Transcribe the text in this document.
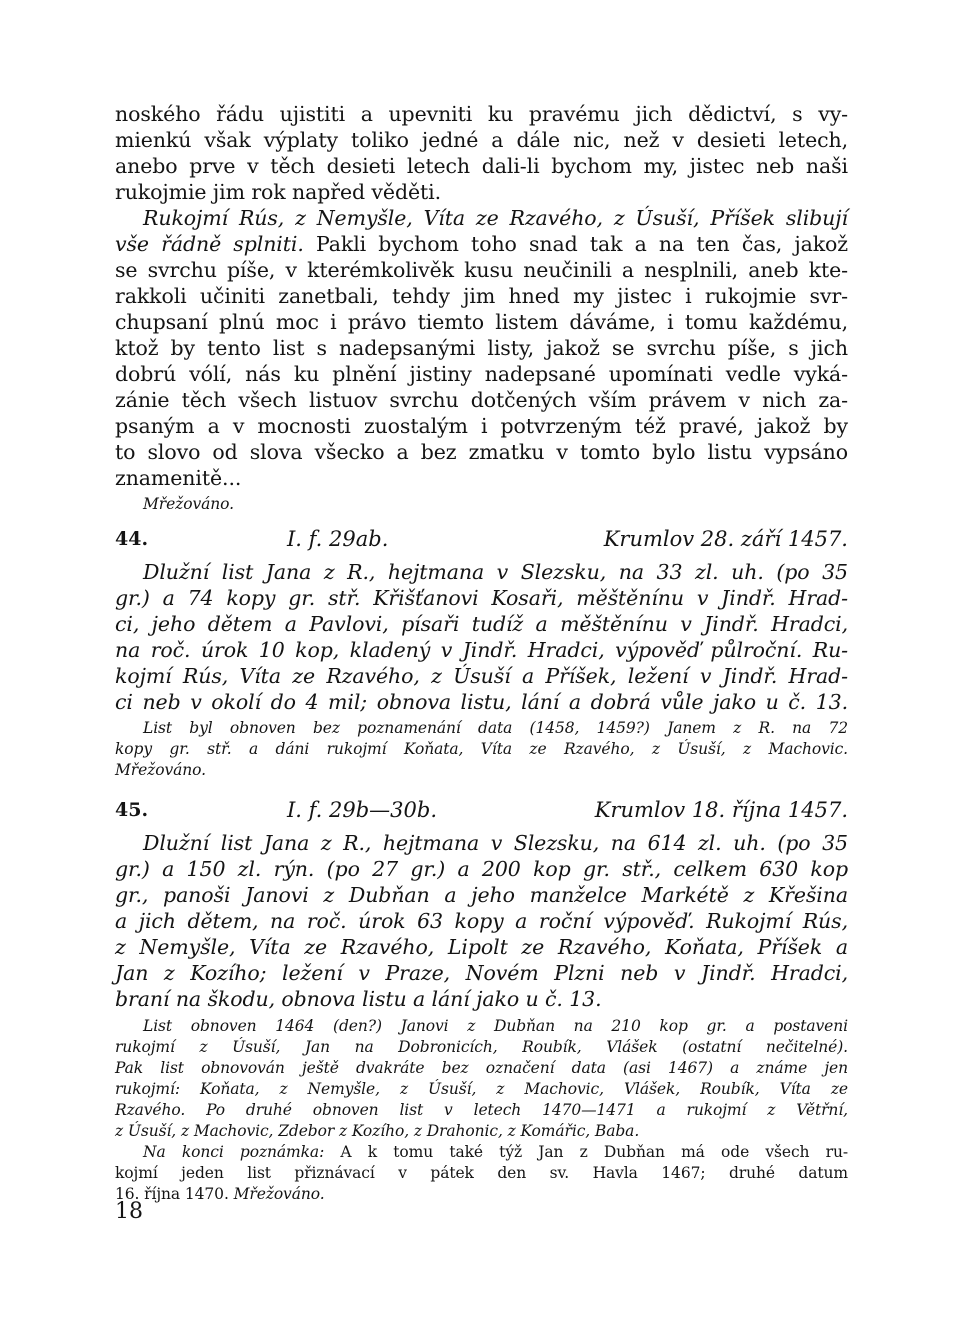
noského řádu ujistiti a upevniti ku pravému jich dědictví, s vy-
mienkú však výplaty toliko jedné a dále nic, než v desieti letech,
anebo prve v těch desieti letech dali-li bychom my, jistec neb naši
rukojmie jim rok napřed věděti.
Rukojmí Rús, z Nemyšle, Víta ze Rzavého, z Úsuší, Příšek slibují
vše řádně splniti. Pakli bychom toho snad tak a na ten čas, jakož
se svrchu píše, v kterémkolivěk kusu neučinili a nesplnili, aneb kte-
rakkoli učiniti zanetbali, tehdy jim hned my jistec i rukojmie svr-
chupsaní plnú moc i právo tiemto listem dáváme, i tomu každému,
ktož by tento list s nadepsanými listy, jakož se svrchu píše, s jich
dobrú vólí, nás ku plnění jistiny nadepsané upomínati vedle vyká-
zánie těch všech listuov svrchu dotčených vším právem v nich za-
psaným a v mocnosti zuostalým i potvrzeným též pravé, jakož by
to slovo od slova všecko a bez zmatku v tomto bylo listu vypsáno
znamenitě...
Mřežováno.
44.	I. f. 29ab.	Krumlov 28. září 1457.
Dlužní list Jana z R., hejtmana v Slezsku, na 33 zl. uh. (po 35
gr.) a 74 kopy gr. stř. Křišťanovi Kosaři, měštěnínu v Jindř. Hrad-
ci, jeho dětem a Pavlovi, písaři tudíž a měštěnínu v Jindř. Hradci,
na roč. úrok 10 kop, kladený v Jindř. Hradci, výpověď půlroční. Ru-
kojmí Rús, Víta ze Rzavého, z Úsuší a Příšek, ležení v Jindř. Hrad-
ci neb v okolí do 4 mil; obnova listu, lání a dobrá vůle jako u č. 13.
List byl obnoven bez poznamenání data (1458, 1459?) Janem z R. na 72
kopy gr. stř. a dáni rukojmí Koňata, Víta ze Rzavého, z Úsuší, z Machovic.
Mřežováno.
45.	I. f. 29b—30b.	Krumlov 18. října 1457.
Dlužní list Jana z R., hejtmana v Slezsku, na 614 zl. uh. (po 35
gr.) a 150 zl. rýn. (po 27 gr.) a 200 kop gr. stř., celkem 630 kop
gr., panoši Janovi z Dubňan a jeho manželce Markétě z Křešina
a jich dětem, na roč. úrok 63 kopy a roční výpověď. Rukojmí Rús,
z Nemyšle, Víta ze Rzavého, Lipolt ze Rzavého, Koňata, Příšek a
Jan z Kozího; ležení v Praze, Novém Plzni neb v Jindř. Hradci,
braní na škodu, obnova listu a lání jako u č. 13.
List obnoven 1464 (den?) Janovi z Dubňan na 210 kop gr. a postaveni
rukojmí z Úsuší, Jan na Dobronicích, Roubík, Vlášek (ostatní nečitelné).
Pak list obnovován ještě dvakráte bez označení data (asi 1467) a známe jen
rukojmí: Koňata, z Nemyšle, z Úsuší, z Machovic, Vlášek, Roubík, Víta ze
Rzavého. Po druhé obnoven list v letech 1470—1471 a rukojmí z Větřní,
z Úsuší, z Machovic, Zdebor z Kozího, z Drahonic, z Komářic, Baba.
Na konci poznámka: A k tomu také týž Jan z Dubňan má ode všech ru-
kojmí jeden list přiznávací v pátek den sv. Havla 1467; druhé datum
16. října 1470. Mřežováno.
18
